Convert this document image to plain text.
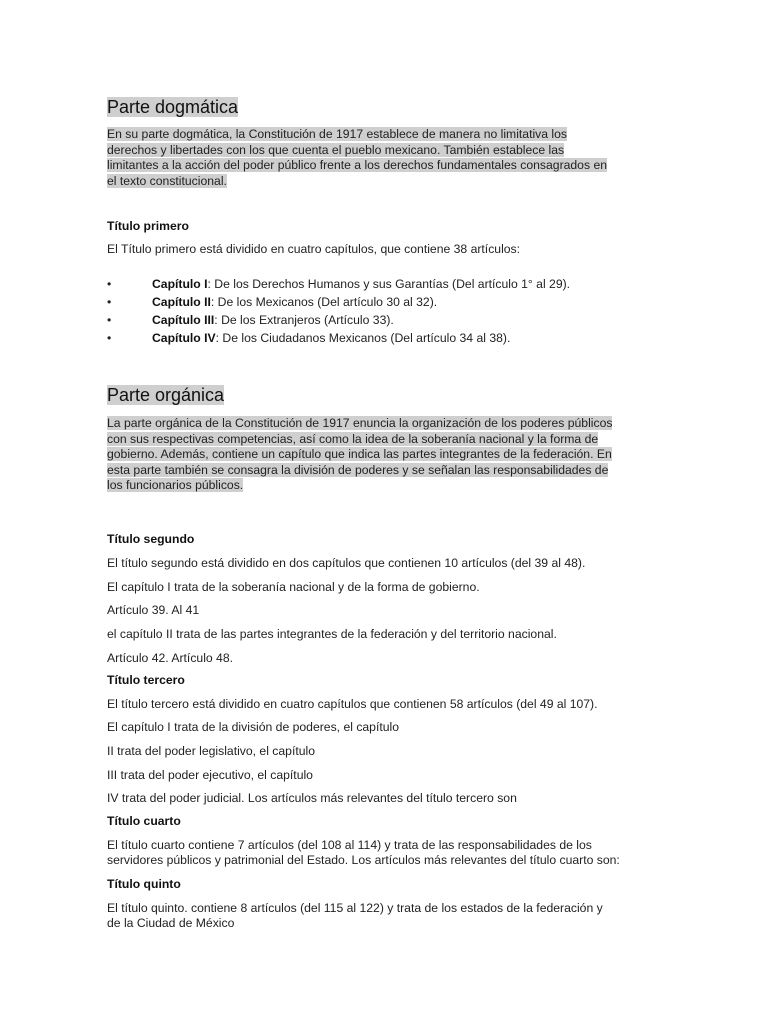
Parte dogmática
En su parte dogmática, la Constitución de 1917 establece de manera no limitativa los
derechos y libertades con los que cuenta el pueblo mexicano. También establece las
limitantes a la acción del poder público frente a los derechos fundamentales consagrados en
el texto constitucional.
Título primero
El Título primero está dividido en cuatro capítulos, que contiene 38 artículos:
•	Capítulo I: De los Derechos Humanos y sus Garantías (Del artículo 1° al 29).
•	Capítulo II: De los Mexicanos (Del artículo 30 al 32).
•	Capítulo III: De los Extranjeros (Artículo 33).
•	Capítulo IV: De los Ciudadanos Mexicanos (Del artículo 34 al 38).
Parte orgánica
La parte orgánica de la Constitución de 1917 enuncia la organización de los poderes públicos
con sus respectivas competencias, así como la idea de la soberanía nacional y la forma de
gobierno. Además, contiene un capítulo que indica las partes integrantes de la federación. En
esta parte también se consagra la división de poderes y se señalan las responsabilidades de
los funcionarios públicos.
Título segundo
El título segundo está dividido en dos capítulos que contienen 10 artículos (del 39 al 48).
El capítulo I trata de la soberanía nacional y de la forma de gobierno.
Artículo 39. Al 41
el capítulo II trata de las partes integrantes de la federación y del territorio nacional.
Artículo 42. Artículo 48.
Título tercero
El título tercero está dividido en cuatro capítulos que contienen 58 artículos (del 49 al 107).
El capítulo I trata de la división de poderes, el capítulo
II trata del poder legislativo, el capítulo
III trata del poder ejecutivo, el capítulo
IV trata del poder judicial. Los artículos más relevantes del título tercero son
Título cuarto
El título cuarto contiene 7 artículos (del 108 al 114) y trata de las responsabilidades de los
servidores públicos y patrimonial del Estado. Los artículos más relevantes del título cuarto son:
Título quinto
El título quinto. contiene 8 artículos (del 115 al 122) y trata de los estados de la federación y
de la Ciudad de México
